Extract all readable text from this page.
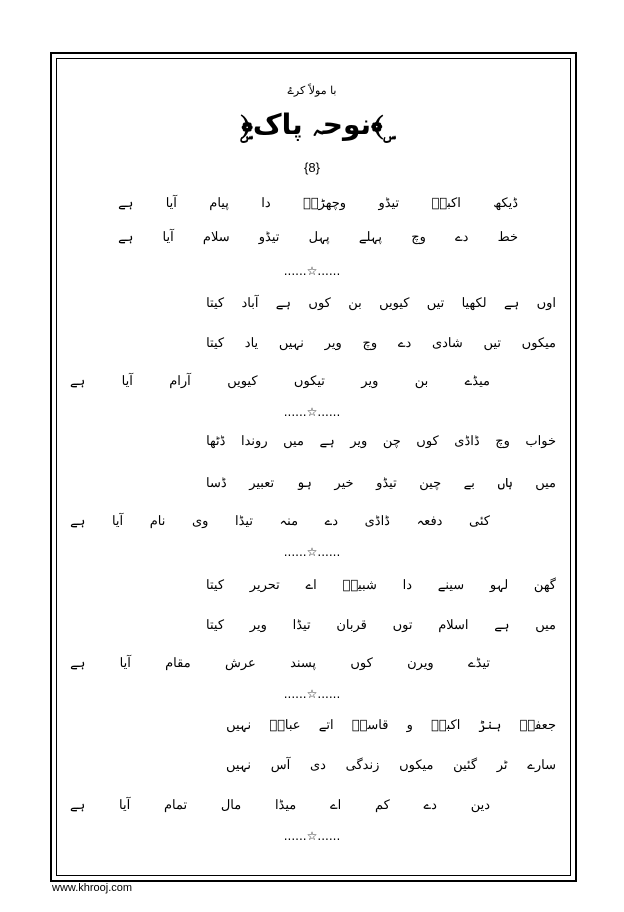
با مولاً کرۓ
ۣ﴾نوحہ پاک﴿ۣ
{8}
ڈیکھ
اکبرؑ
تیڈو
وچھڑیؑ
دا
پیام
آیا
ہے
خط
دے
وچ
پہلے
پہل
تیڈو
سلام
آیا
ہے
......☆......
اوں
ہے
لکھیا
تیں
کیویں
بن
کوں
ہے
آباد
کیتا
میکوں
تیں
شادی
دے
وچ
ویر
نہیں
یاد
کیتا
میڈے
بن
ویر
تیکوں
کیویں
آرام
آیا
ہے
......☆......
خواب
وچ
ڈاڈی
کوں
چن
ویر
ہے
میں
روندا
ڈٹھا
میں
ہاں
بے
چین
تیڈو
خیر
ہو
تعبیر
ڈسا
کئی
دفعہ
ڈاڈی
دے
منہ
تیڈا
وی
نام
آیا
ہے
......☆......
گھن
لہو
سینے
دا
شبیرؑ
اے
تحریر
کیتا
میں
ہے
اسلام
توں
قربان
تیڈا
ویر
کیتا
تیڈے
ویرن
کوں
پسند
عرش
مقام
آیا
ہے
......☆......
جعفرؑ
ہنڑ
اکبرؑ
و
قاسمؑ
اتے
عباسؑ
نہیں
سارے
ٹر
گئین
میکوں
زندگی
دی
آس
نہیں
دین
دے
کم
اے
میڈا
مال
تمام
آیا
ہے
......☆......
www.khrooj.com
